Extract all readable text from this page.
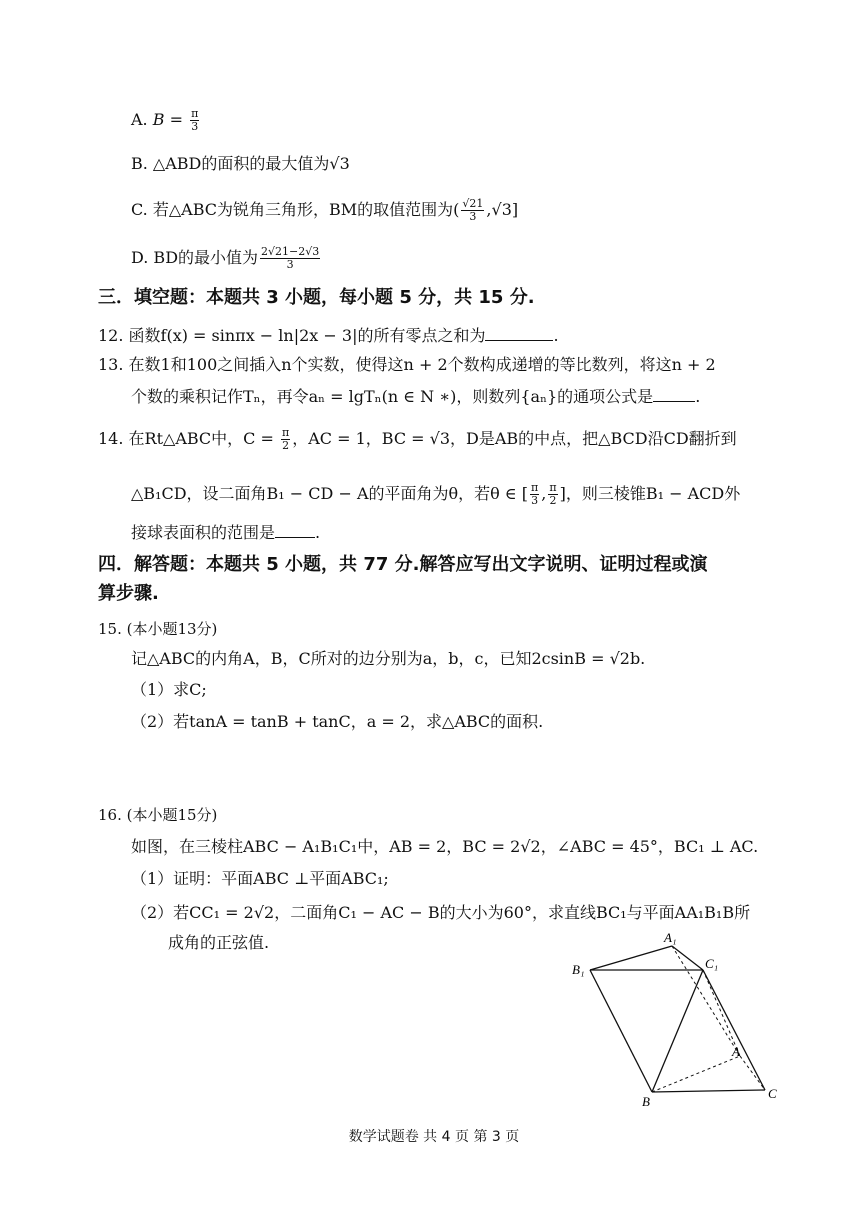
A. $B = \frac{\pi}{3}$
B. △ABD的面积的最大值为√3
C. 若△ABC为锐角三角形，BM的取值范围为( $\frac{√21}{3} ,√3$]
D. BD的最小值为 $\frac{2√21-2√3}{3}$
三．填空题：本题共 3 小题，每小题 5 分，共 15 分.
12. 函数f(x) = sinπx − ln|2x − 3|的所有零点之和为	.
13. 在数1和100之间插入n个实数，使得这n + 2个数构成递增的等比数列，将这n + 2
个数的乘积记作Tₙ，再令aₙ = lgTₙ(n ∈ N ∗)，则数列{aₙ}的通项公式是	.
14. 在Rt△ABC中，$C = \frac{\pi}{2}$ ，AC = 1，BC = √3，D是AB的中点，把△BCD沿CD翻折到
△B₁CD，设二面角B₁ − CD − A的平面角为θ，若θ ∈ [ $\frac{\pi}{3}$ , $\frac{\pi}{2}$ ]，则三棱锥B₁ − ACD外
接球表面积的范围是	.
四．解答题：本题共 5 小题，共 77 分.解答应写出文字说明、证明过程或演
算步骤.
15. (本小题13分)
记△ABC的内角A，B，C所对的边分别为a，b，c，已知2csinB = √2b.
（1）求C;
（2）若tanA = tanB + tanC，a = 2，求△ABC的面积.
16. (本小题15分)
如图，在三棱柱ABC − A₁B₁C₁中，AB = 2，BC = 2√2，∠ABC = 45°，BC₁ ⊥ AC.
（1）证明：平面ABC ⊥平面ABC₁;
（2）若CC₁ = 2√2，二面角C₁ − AC − B的大小为60°，求直线BC₁与平面AA₁B₁B所
成角的正弦值.	A₁
B₁	C₁
A
B
C
数学试题卷 共 4 页 第 3 页
